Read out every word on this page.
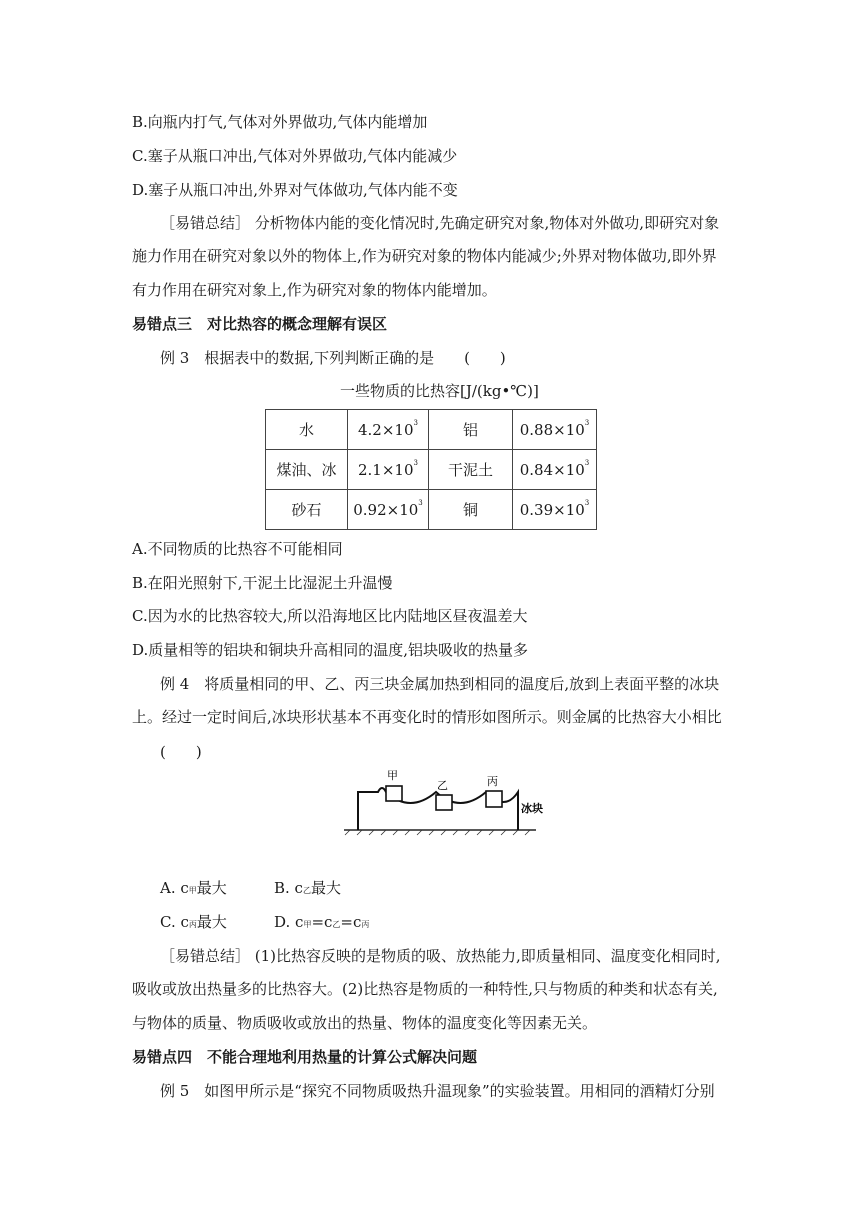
B.向瓶内打气,气体对外界做功,气体内能增加
C.塞子从瓶口冲出,气体对外界做功,气体内能减少
D.塞子从瓶口冲出,外界对气体做功,气体内能不变
［易错总结］ 分析物体内能的变化情况时,先确定研究对象,物体对外做功,即研究对象
施力作用在研究对象以外的物体上,作为研究对象的物体内能减少;外界对物体做功,即外界
有力作用在研究对象上,作为研究对象的物体内能增加。
易错点三　对比热容的概念理解有误区
例 3　根据表中的数据,下列判断正确的是　　(　　)
一些物质的比热容[J/(kg•℃)]
水	$4.2\times 10^3$	铝	$0.88\times 10^3$
煤油、冰	$2.1\times 10^3$	干泥土	$0.84\times 10^3$
砂石	$0.92\times 10^3$	铜	$0.39\times 10^3$
A.不同物质的比热容不可能相同
B.在阳光照射下,干泥土比湿泥土升温慢
C.因为水的比热容较大,所以沿海地区比内陆地区昼夜温差大
D.质量相等的铝块和铜块升高相同的温度,铝块吸收的热量多
例 4　将质量相同的甲、乙、丙三块金属加热到相同的温度后,放到上表面平整的冰块
上。经过一定时间后,冰块形状基本不再变化时的情形如图所示。则金属的比热容大小相比
(　　)
甲
乙	丙
冰块
A. c甲最大	B. c乙最大
C. c丙最大	D. c甲=c乙=c丙
［易错总结］ (1)比热容反映的是物质的吸、放热能力,即质量相同、温度变化相同时,
吸收或放出热量多的比热容大。(2)比热容是物质的一种特性,只与物质的种类和状态有关,
与物体的质量、物质吸收或放出的热量、物体的温度变化等因素无关。
易错点四　不能合理地利用热量的计算公式解决问题
例 5　如图甲所示是“探究不同物质吸热升温现象”的实验装置。用相同的酒精灯分别
